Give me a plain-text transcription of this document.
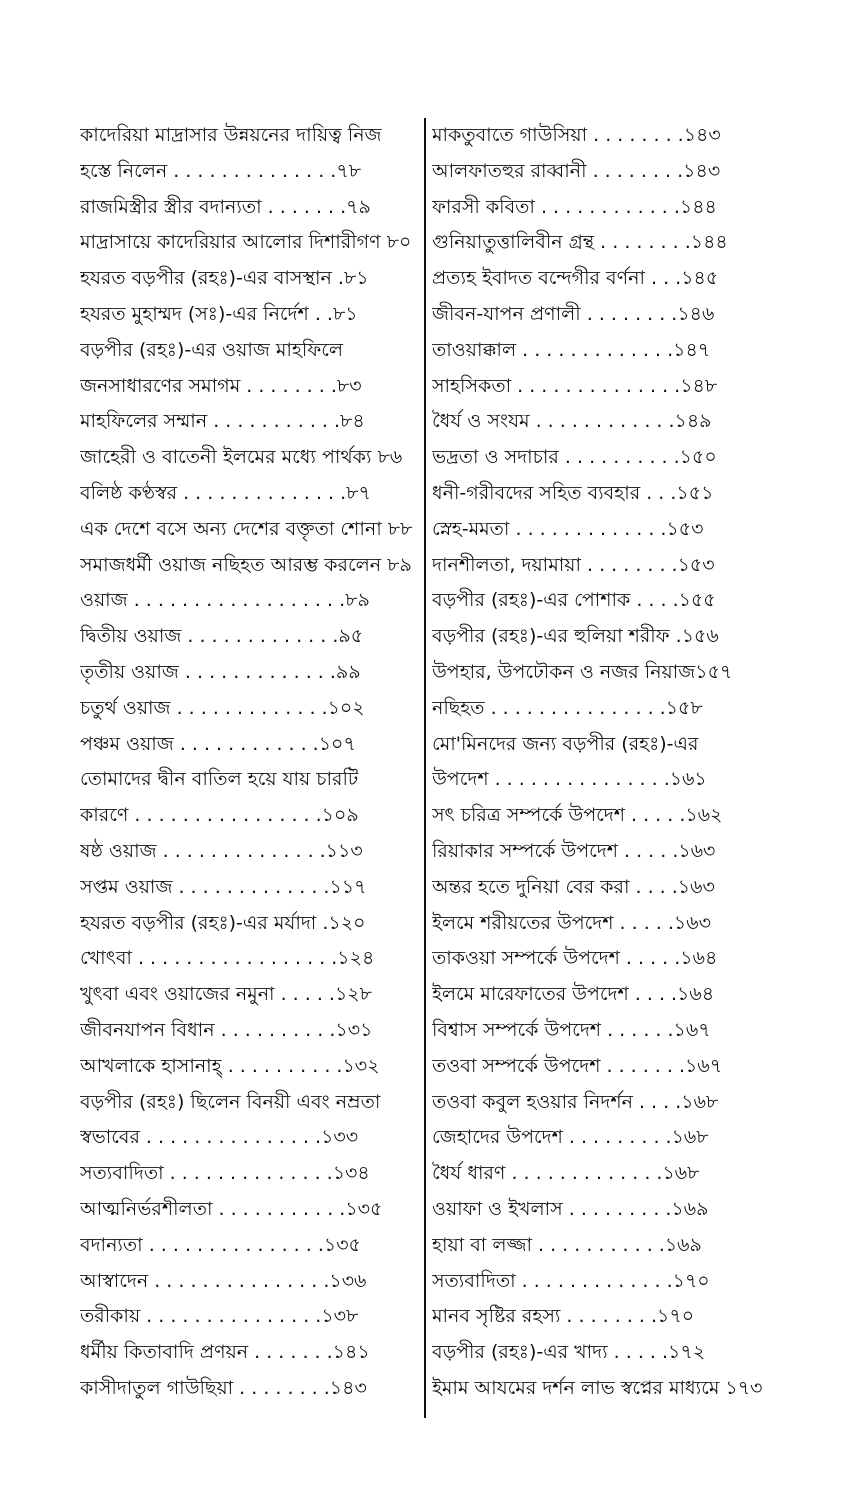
কাদেরিয়া মাদ্রাসার উন্নয়নের দায়িত্ব নিজ
হস্তে নিলেন . . . . . . . . . . . . . .৭৮
রাজমিস্ত্রীর স্ত্রীর বদান্যতা . . . . . . .৭৯
মাদ্রাসায়ে কাদেরিয়ার আলোর দিশারীগণ ৮০
হযরত বড়পীর (রহঃ)-এর বাসস্থান .৮১
হযরত মুহাম্মদ (সঃ)-এর নির্দেশ . .৮১
বড়পীর (রহঃ)-এর ওয়াজ মাহফিলে
জনসাধারণের সমাগম . . . . . . . .৮৩
মাহফিলের সম্মান . . . . . . . . . . .৮৪
জাহেরী ও বাতেনী ইলমের মধ্যে পার্থক্য ৮৬
বলিষ্ঠ কণ্ঠস্বর . . . . . . . . . . . . . .৮৭
এক দেশে বসে অন্য দেশের বক্তৃতা শোনা ৮৮
সমাজধর্মী ওয়াজ নছিহত আরম্ভ করলেন ৮৯
ওয়াজ . . . . . . . . . . . . . . . . . .৮৯
দ্বিতীয় ওয়াজ . . . . . . . . . . . . .৯৫
তৃতীয় ওয়াজ . . . . . . . . . . . . .৯৯
চতুর্থ ওয়াজ . . . . . . . . . . . . .১০২
পঞ্চম ওয়াজ . . . . . . . . . . . .১০৭
তোমাদের দ্বীন বাতিল হয়ে যায় চারটি
কারণে . . . . . . . . . . . . . . . .১০৯
ষষ্ঠ ওয়াজ . . . . . . . . . . . . . .১১৩
সপ্তম ওয়াজ . . . . . . . . . . . . .১১৭
হযরত বড়পীর (রহঃ)-এর মর্যাদা .১২০
খোৎবা . . . . . . . . . . . . . . . . .১২৪
খুৎবা এবং ওয়াজের নমুনা . . . . .১২৮
জীবনযাপন বিধান . . . . . . . . . .১৩১
আখলাকে হাসানাহ্ . . . . . . . . . .১৩২
বড়পীর (রহঃ) ছিলেন বিনয়ী এবং নম্রতা
স্বভাবের . . . . . . . . . . . . . . .১৩৩
সত্যবাদিতা . . . . . . . . . . . . . .১৩৪
আত্মনির্ভরশীলতা . . . . . . . . . . .১৩৫
বদান্যতা . . . . . . . . . . . . . . .১৩৫
আস্বাদেন . . . . . . . . . . . . . . .১৩৬
তরীকায় . . . . . . . . . . . . . . .১৩৮
ধর্মীয় কিতাবাদি প্রণয়ন . . . . . . .১৪১
কাসীদাতুল গাউছিয়া . . . . . . . .১৪৩
মাকতুবাতে গাউসিয়া . . . . . . . .১৪৩
আলফাতহুর রাব্বানী . . . . . . . .১৪৩
ফারসী কবিতা . . . . . . . . . . . .১৪৪
গুনিয়াতুত্তালিবীন গ্রন্থ . . . . . . . .১৪৪
প্রত্যহ ইবাদত বন্দেগীর বর্ণনা . . .১৪৫
জীবন-যাপন প্রণালী . . . . . . . .১৪৬
তাওয়াক্কাল . . . . . . . . . . . . .১৪৭
সাহসিকতা . . . . . . . . . . . . . .১৪৮
ধৈর্য ও সংযম . . . . . . . . . . . .১৪৯
ভদ্রতা ও সদাচার . . . . . . . . . .১৫০
ধনী-গরীবদের সহিত ব্যবহার . . .১৫১
স্নেহ-মমতা . . . . . . . . . . . . .১৫৩
দানশীলতা, দয়ামায়া . . . . . . . .১৫৩
বড়পীর (রহঃ)-এর পোশাক . . . .১৫৫
বড়পীর (রহঃ)-এর হুলিয়া শরীফ .১৫৬
উপহার, উপঢৌকন ও নজর নিয়াজ১৫৭
নছিহত . . . . . . . . . . . . . . .১৫৮
মো'মিনদের জন্য বড়পীর (রহঃ)-এর
উপদেশ . . . . . . . . . . . . . . .১৬১
সৎ চরিত্র সম্পর্কে উপদেশ . . . . .১৬২
রিয়াকার সম্পর্কে উপদেশ . . . . .১৬৩
অন্তর হতে দুনিয়া বের করা . . . .১৬৩
ইলমে শরীয়তের উপদেশ . . . . .১৬৩
তাকওয়া সম্পর্কে উপদেশ . . . . .১৬৪
ইলমে মারেফাতের উপদেশ . . . .১৬৪
বিশ্বাস সম্পর্কে উপদেশ . . . . . .১৬৭
তওবা সম্পর্কে উপদেশ . . . . . . .১৬৭
তওবা কবুল হওয়ার নিদর্শন . . . .১৬৮
জেহাদের উপদেশ . . . . . . . . .১৬৮
ধৈর্য ধারণ . . . . . . . . . . . . .১৬৮
ওয়াফা ও ইখলাস . . . . . . . . .১৬৯
হায়া বা লজ্জা . . . . . . . . . . .১৬৯
সত্যবাদিতা . . . . . . . . . . . . .১৭০
মানব সৃষ্টির রহস্য . . . . . . . .১৭০
বড়পীর (রহঃ)-এর খাদ্য . . . . .১৭২
ইমাম আযমের দর্শন লাভ স্বপ্নের মাধ্যমে ১৭৩
